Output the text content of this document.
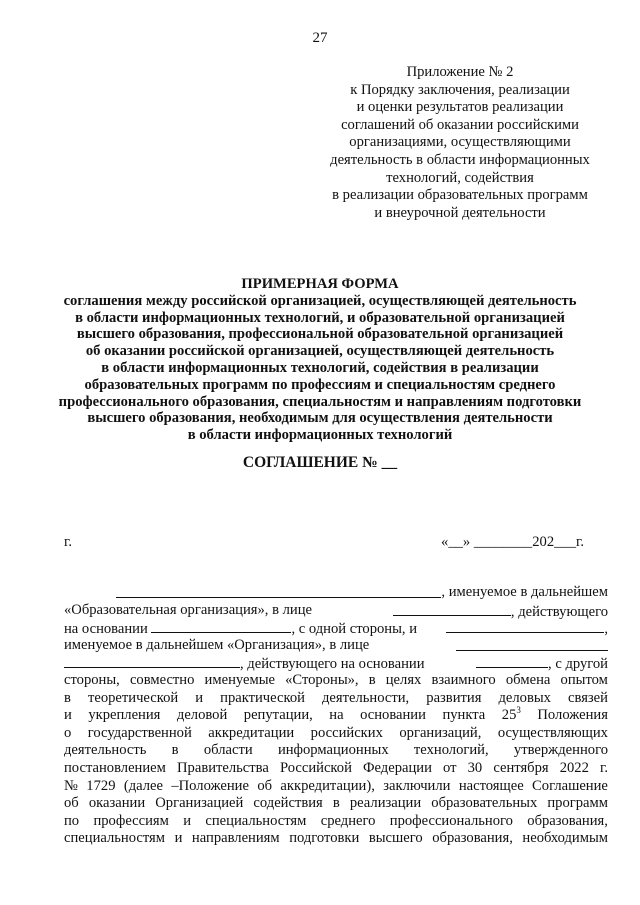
27
Приложение № 2
к Порядку заключения, реализации
и оценки результатов реализации
соглашений об оказании российскими
организациями, осуществляющими
деятельность в области информационных
технологий, содействия
в реализации образовательных программ
и внеурочной деятельности
ПРИМЕРНАЯ ФОРМА
соглашения между российской организацией, осуществляющей деятельность
в области информационных технологий, и образовательной организацией
высшего образования, профессиональной образовательной организацией
об оказании российской организацией, осуществляющей деятельность
в области информационных технологий, содействия в реализации
образовательных программ по профессиям и специальностям среднего
профессионального образования, специальностям и направлениям подготовки
высшего образования, необходимым для осуществления деятельности
в области информационных технологий
СОГЛАШЕНИЕ № __
г.	«__» ________202___г.
, именуемое в дальнейшем
«Образовательная организация», в лице	, действующего
на основании	, с одной стороны, и	,
именуемое в дальнейшем «Организация», в лице
, действующего на основании	, с другой
стороны, совместно именуемые «Стороны», в целях взаимного обмена опытом
в теоретической и практической деятельности, развития деловых связей
и укрепления деловой репутации, на основании пункта $25^3$ Положения
о государственной аккредитации российских организаций, осуществляющих
деятельность в области информационных технологий, утвержденного
постановлением Правительства Российской Федерации от 30 сентября 2022 г.
№ 1729 (далее –Положение об аккредитации), заключили настоящее Соглашение
об оказании Организацией содействия в реализации образовательных программ
по профессиям и специальностям среднего профессионального образования,
специальностям и направлениям подготовки высшего образования, необходимым
